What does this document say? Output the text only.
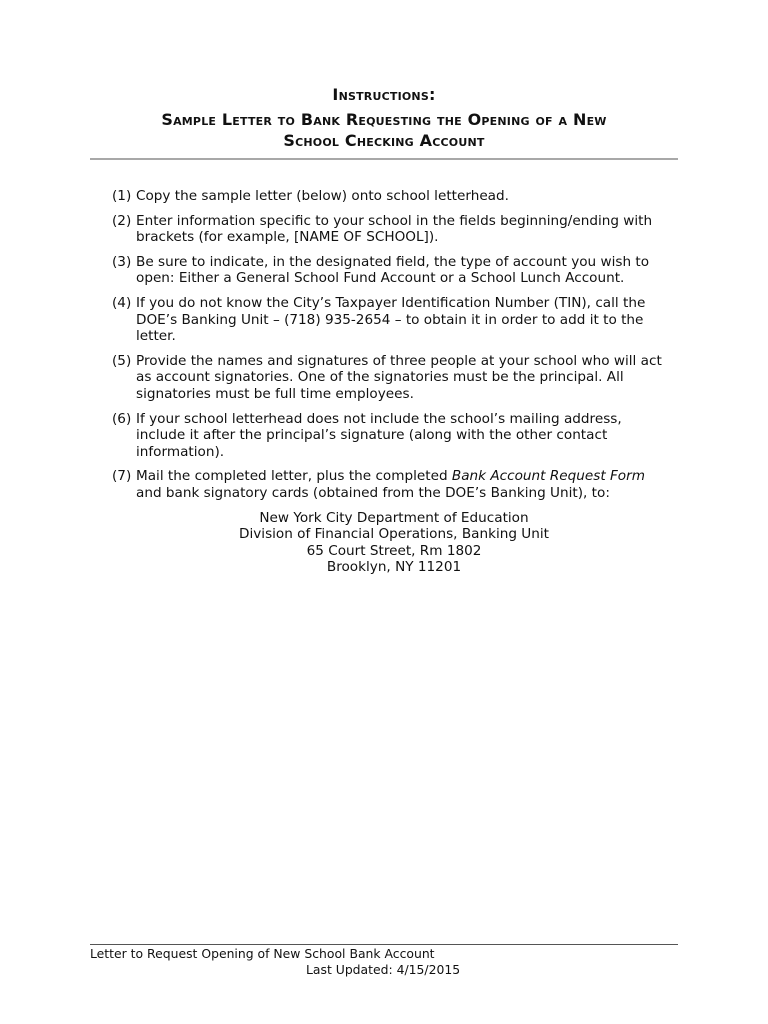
Instructions:
Sample Letter to Bank Requesting the Opening of a New
School Checking Account
(1) Copy the sample letter (below) onto school letterhead.
(2) Enter information specific to your school in the fields beginning/ending with brackets (for example, [NAME OF SCHOOL]).
(3) Be sure to indicate, in the designated field, the type of account you wish to open: Either a General School Fund Account or a School Lunch Account.
(4) If you do not know the City’s Taxpayer Identification Number (TIN), call the DOE’s Banking Unit – (718) 935-2654 – to obtain it in order to add it to the letter.
(5) Provide the names and signatures of three people at your school who will act as account signatories. One of the signatories must be the principal. All signatories must be full time employees.
(6) If your school letterhead does not include the school’s mailing address, include it after the principal’s signature (along with the other contact information).
(7) Mail the completed letter, plus the completed Bank Account Request Form and bank signatory cards (obtained from the DOE’s Banking Unit), to:
New York City Department of Education
Division of Financial Operations, Banking Unit
65 Court Street, Rm 1802
Brooklyn, NY 11201
Letter to Request Opening of New School Bank Account
Last Updated: 4/15/2015
